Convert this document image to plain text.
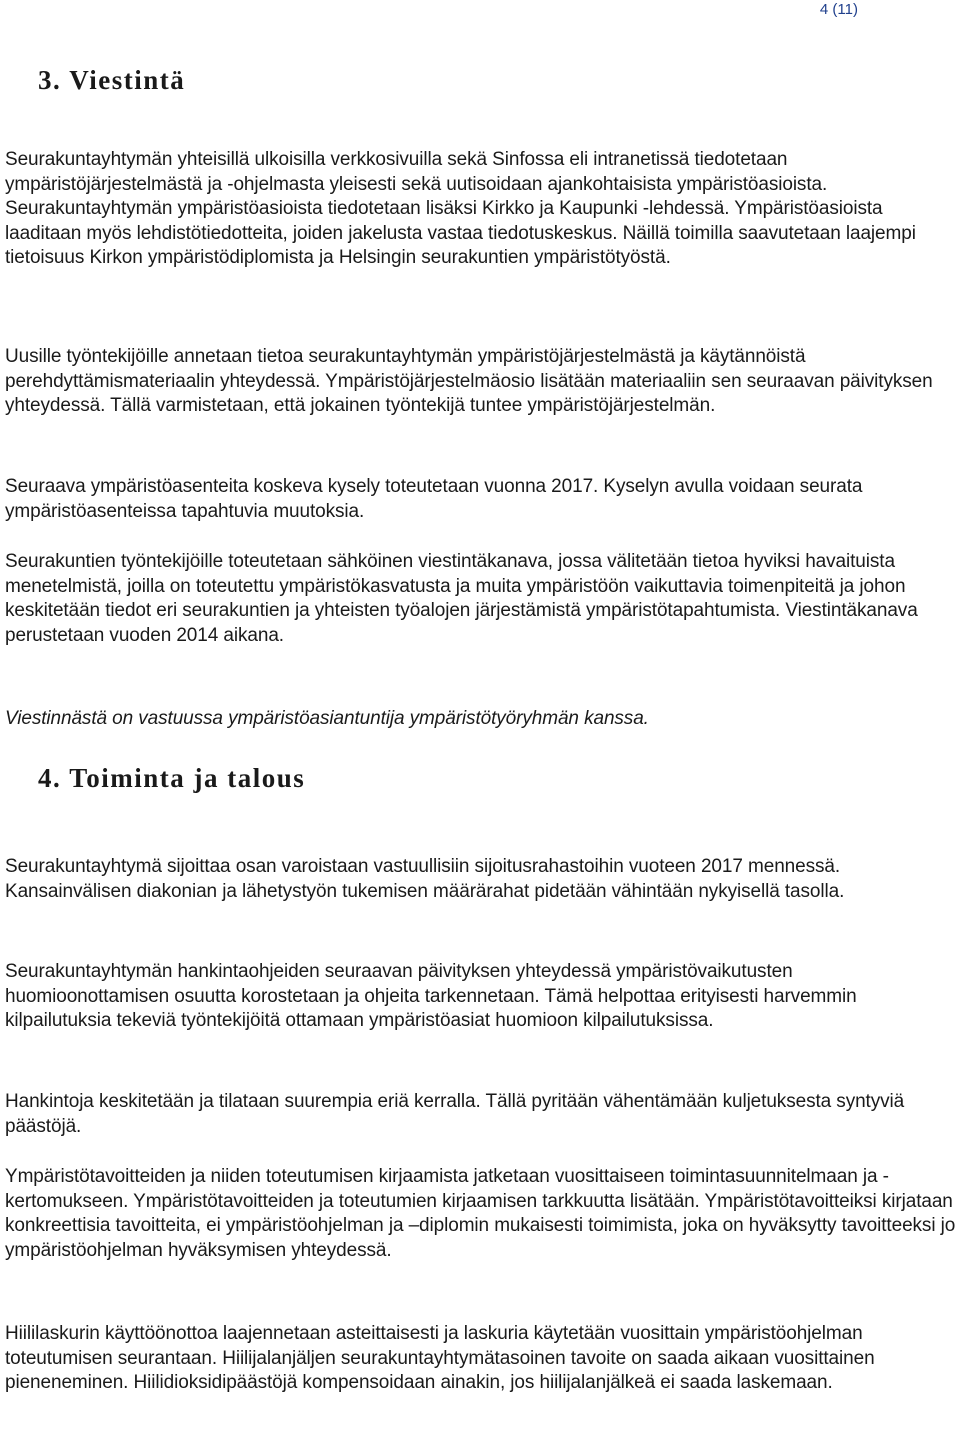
4 (11)
3. Viestintä

Seurakuntayhtymän yhteisillä ulkoisilla verkkosivuilla sekä Sinfossa eli intranetissä tiedotetaan ympäristöjärjestelmästä ja -ohjelmasta yleisesti sekä uutisoidaan ajankohtaisista ympäristöasioista. Seurakuntayhtymän ympäristöasioista tiedotetaan lisäksi Kirkko ja Kaupunki -lehdessä. Ympäristöasioista laaditaan myös lehdistötiedotteita, joiden jakelusta vastaa tiedotuskeskus. Näillä toimilla saavutetaan laajempi tietoisuus Kirkon ympäristödiplomista ja Helsingin seurakuntien ympäristötyöstä.

Uusille työntekijöille annetaan tietoa seurakuntayhtymän ympäristöjärjestelmästä ja käytännöistä perehdyttämismateriaalin yhteydessä. Ympäristöjärjestelmäosio lisätään materiaaliin sen seuraavan päivityksen yhteydessä. Tällä varmistetaan, että jokainen työntekijä tuntee ympäristöjärjestelmän.

Seuraava ympäristöasenteita koskeva kysely toteutetaan vuonna 2017. Kyselyn avulla voidaan seurata ympäristöasenteissa tapahtuvia muutoksia.

Seurakuntien työntekijöille toteutetaan sähköinen viestintäkanava, jossa välitetään tietoa hyviksi havaituista menetelmistä, joilla on toteutettu ympäristökasvatusta ja muita ympäristöön vaikuttavia toimenpiteitä ja johon keskitetään tiedot eri seurakuntien ja yhteisten työalojen järjestämistä ympäristötapahtumista. Viestintäkanava perustetaan vuoden 2014 aikana.

Viestinnästä on vastuussa ympäristöasiantuntija ympäristötyöryhmän kanssa.

4. Toiminta ja talous

Seurakuntayhtymä sijoittaa osan varoistaan vastuullisiin sijoitusrahastoihin vuoteen 2017 mennessä. Kansainvälisen diakonian ja lähetystyön tukemisen määrärahat pidetään vähintään nykyisellä tasolla.

Seurakuntayhtymän hankintaohjeiden seuraavan päivityksen yhteydessä ympäristövaikutusten huomioonottamisen osuutta korostetaan ja ohjeita tarkennetaan. Tämä helpottaa erityisesti harvemmin kilpailutuksia tekeviä työntekijöitä ottamaan ympäristöasiat huomioon kilpailutuksissa.

Hankintoja keskitetään ja tilataan suurempia eriä kerralla. Tällä pyritään vähentämään kuljetuksesta syntyviä päästöjä.

Ympäristötavoitteiden ja niiden toteutumisen kirjaamista jatketaan vuosittaiseen toimintasuunnitelmaan ja -kertomukseen. Ympäristötavoitteiden ja toteutumien kirjaamisen tarkkuutta lisätään. Ympäristötavoitteiksi kirjataan konkreettisia tavoitteita, ei ympäristöohjelman ja –diplomin mukaisesti toimimista, joka on hyväksytty tavoitteeksi jo ympäristöohjelman hyväksymisen yhteydessä.

Hiililaskurin käyttöönottoa laajennetaan asteittaisesti ja laskuria käytetään vuosittain ympäristöohjelman toteutumisen seurantaan. Hiilijalanjäljen seurakuntayhtymätasoinen tavoite on saada aikaan vuosittainen pieneneminen. Hiilidioksidipäästöjä kompensoidaan ainakin, jos hiilijalanjälkeä ei saada laskemaan.
